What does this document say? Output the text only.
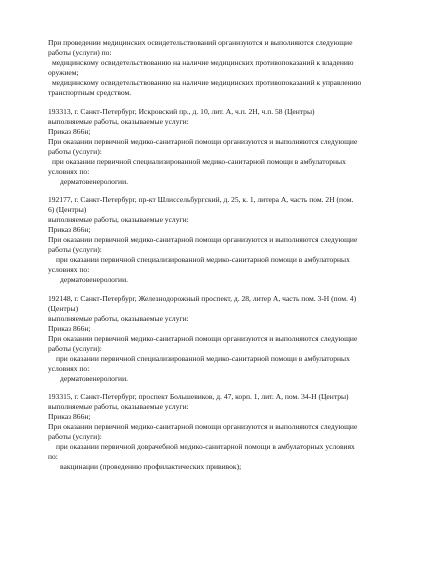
При проведении медицинских освидетельствований организуются и выполняются следующие
работы (услуги) по:
медицинскому освидетельствованию на наличие медицинских противопоказаний к владению
оружием;
медицинскому освидетельствованию на наличие медицинских противопоказаний к управлению
транспортным средством.
193313, г. Санкт-Петербург, Искровский пр., д. 10, лит. А, ч.п. 2Н, ч.п. 58 (Центры)
выполняемые работы, оказываемые услуги:
Приказ 866н;
При оказании первичной медико-санитарной помощи организуются и выполняются следующие
работы (услуги):
при оказании первичной специализированной медико-санитарной помощи в амбулаторных
условиях по:
дерматовенерологии.
192177, г. Санкт-Петербург, пр-кт Шлиссельбургский, д. 25, к. 1, литера А, часть пом. 2Н (пом.
6) (Центры)
выполняемые работы, оказываемые услуги:
Приказ 866н;
При оказании первичной медико-санитарной помощи организуются и выполняются следующие
работы (услуги):
при оказании первичной специализированной медико-санитарной помощи в амбулаторных
условиях по:
дерматовенерологии.
192148, г. Санкт-Петербург, Железнодорожный проспект, д. 28, литер А, часть пом. 3-Н (пом. 4)
(Центры)
выполняемые работы, оказываемые услуги:
Приказ 866н;
При оказании первичной медико-санитарной помощи организуются и выполняются следующие
работы (услуги):
при оказании первичной специализированной медико-санитарной помощи в амбулаторных
условиях по:
дерматовенерологии.
193315, г. Санкт-Петербург, проспект Большевиков, д. 47, корп. 1, лит. А, пом. 34-Н (Центры)
выполняемые работы, оказываемые услуги:
Приказ 866н;
При оказании первичной медико-санитарной помощи организуются и выполняются следующие
работы (услуги):
при оказании первичной доврачебной медико-санитарной помощи в амбулаторных условиях
по:
вакцинации (проведению профилактических прививок);
